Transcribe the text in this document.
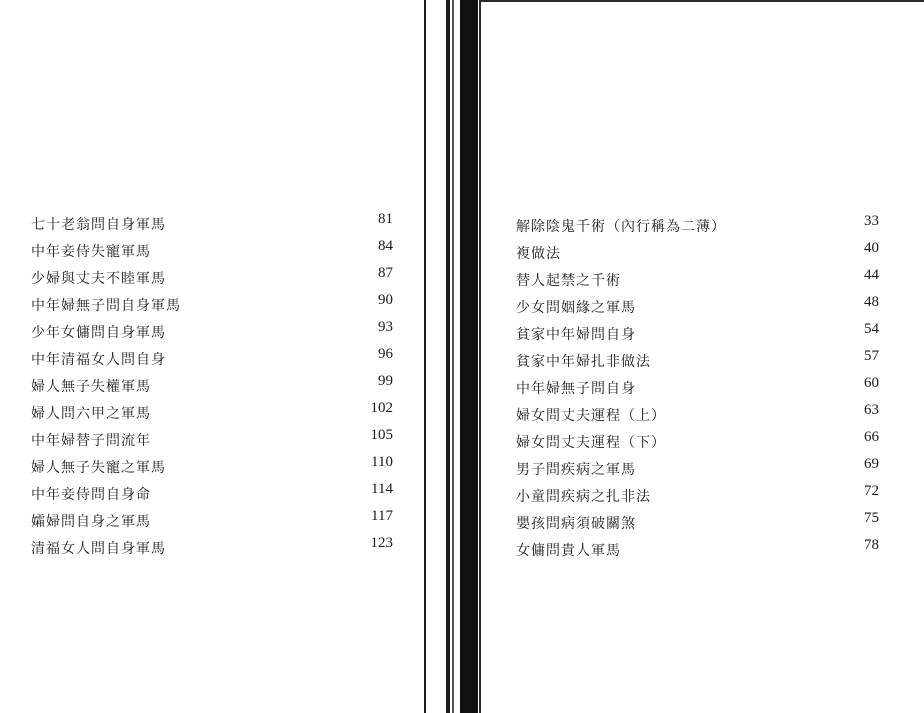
七十老翁問自身軍馬	81
中年妾侍失寵軍馬	84
少婦與丈夫不睦軍馬	87
中年婦無子問自身軍馬	90
少年女傭問自身軍馬	93
中年清福女人問自身	96
婦人無子失權軍馬	99
婦人問六甲之軍馬	102
中年婦替子問流年	105
婦人無子失寵之軍馬	110
中年妾侍問自身命	114
孀婦問自身之軍馬	117
清福女人問自身軍馬	123
解除陰鬼千術（內行稱為二薄）	33
複做法	40
替人起禁之千術	44
少女問姻緣之軍馬	48
貧家中年婦問自身	54
貧家中年婦扎非做法	57
中年婦無子問自身	60
婦女問丈夫運程（上）	63
婦女問丈夫運程（下）	66
男子問疾病之軍馬	69
小童問疾病之扎非法	72
嬰孩問病須破關煞	75
女傭問貴人軍馬	78
